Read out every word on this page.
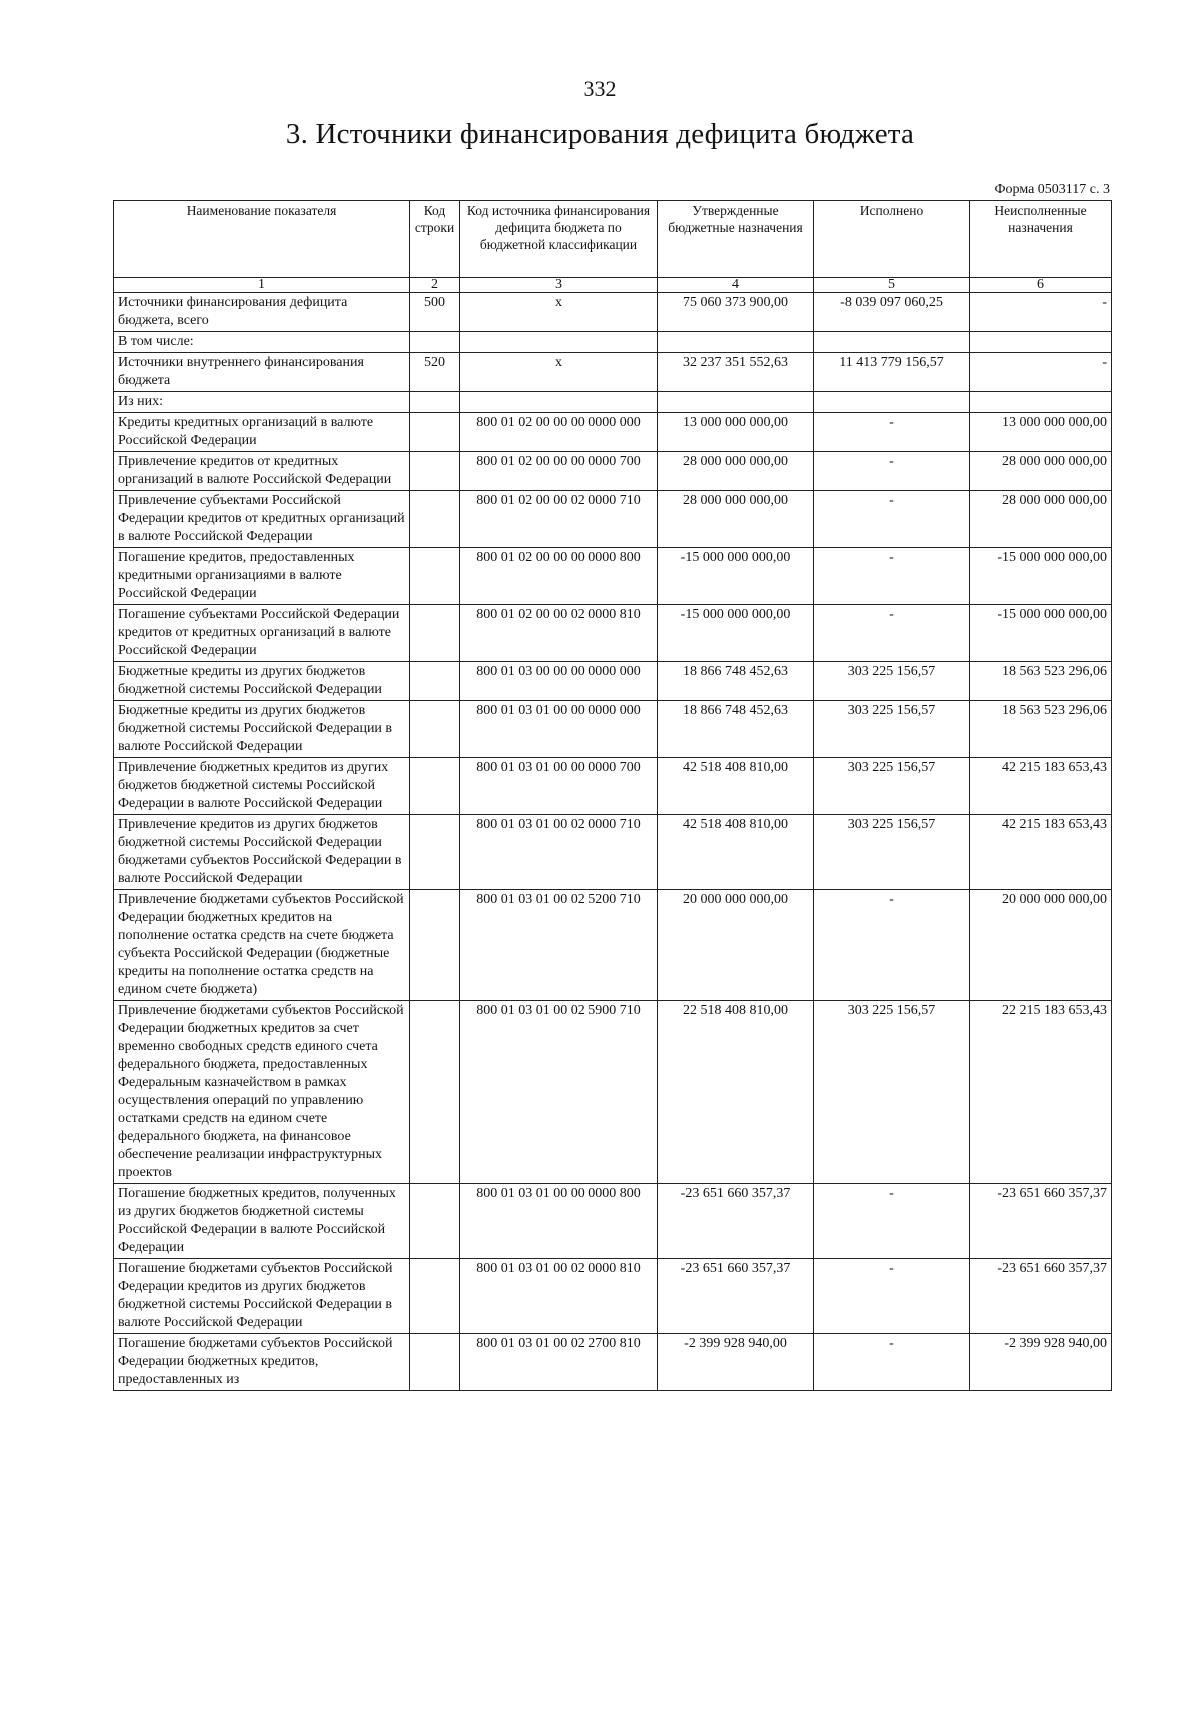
332
3. Источники финансирования дефицита бюджета
Форма 0503117 с. 3
Наименование показателя	Код строки	Код источника финансирования дефицита бюджета по бюджетной классификации	Утвержденные бюджетные назначения	Исполнено	Неисполненные назначения
1	2	3	4	5	6
Источники финансирования дефицита бюджета, всего	500	x	75 060 373 900,00	-8 039 097 060,25	-
В том числе:					
Источники внутреннего финансирования бюджета	520	x	32 237 351 552,63	11 413 779 156,57	-
Из них:					
Кредиты кредитных организаций в валюте Российской Федерации		800 01 02 00 00 00 0000 000	13 000 000 000,00	-	13 000 000 000,00
Привлечение кредитов от кредитных организаций в валюте Российской Федерации		800 01 02 00 00 00 0000 700	28 000 000 000,00	-	28 000 000 000,00
Привлечение субъектами Российской Федерации кредитов от кредитных организаций в валюте Российской Федерации		800 01 02 00 00 02 0000 710	28 000 000 000,00	-	28 000 000 000,00
Погашение кредитов, предоставленных кредитными организациями в валюте Российской Федерации		800 01 02 00 00 00 0000 800	-15 000 000 000,00	-	-15 000 000 000,00
Погашение субъектами Российской Федерации кредитов от кредитных организаций в валюте Российской Федерации		800 01 02 00 00 02 0000 810	-15 000 000 000,00	-	-15 000 000 000,00
Бюджетные кредиты из других бюджетов бюджетной системы Российской Федерации		800 01 03 00 00 00 0000 000	18 866 748 452,63	303 225 156,57	18 563 523 296,06
Бюджетные кредиты из других бюджетов бюджетной системы Российской Федерации в валюте Российской Федерации		800 01 03 01 00 00 0000 000	18 866 748 452,63	303 225 156,57	18 563 523 296,06
Привлечение бюджетных кредитов из других бюджетов бюджетной системы Российской Федерации в валюте Российской Федерации		800 01 03 01 00 00 0000 700	42 518 408 810,00	303 225 156,57	42 215 183 653,43
Привлечение кредитов из других бюджетов бюджетной системы Российской Федерации бюджетами субъектов Российской Федерации в валюте Российской Федерации		800 01 03 01 00 02 0000 710	42 518 408 810,00	303 225 156,57	42 215 183 653,43
Привлечение бюджетами субъектов Российской Федерации бюджетных кредитов на пополнение остатка средств на счете бюджета субъекта Российской Федерации (бюджетные кредиты на пополнение остатка средств на едином счете бюджета)		800 01 03 01 00 02 5200 710	20 000 000 000,00	-	20 000 000 000,00
Привлечение бюджетами субъектов Российской Федерации бюджетных кредитов за счет временно свободных средств единого счета федерального бюджета, предоставленных Федеральным казначейством в рамках осуществления операций по управлению остатками средств на едином счете федерального бюджета, на финансовое обеспечение реализации инфраструктурных проектов		800 01 03 01 00 02 5900 710	22 518 408 810,00	303 225 156,57	22 215 183 653,43
Погашение бюджетных кредитов, полученных из других бюджетов бюджетной системы Российской Федерации в валюте Российской Федерации		800 01 03 01 00 00 0000 800	-23 651 660 357,37	-	-23 651 660 357,37
Погашение бюджетами субъектов Российской Федерации кредитов из других бюджетов бюджетной системы Российской Федерации в валюте Российской Федерации		800 01 03 01 00 02 0000 810	-23 651 660 357,37	-	-23 651 660 357,37
Погашение бюджетами субъектов Российской Федерации бюджетных кредитов, предоставленных из		800 01 03 01 00 02 2700 810	-2 399 928 940,00	-	-2 399 928 940,00
